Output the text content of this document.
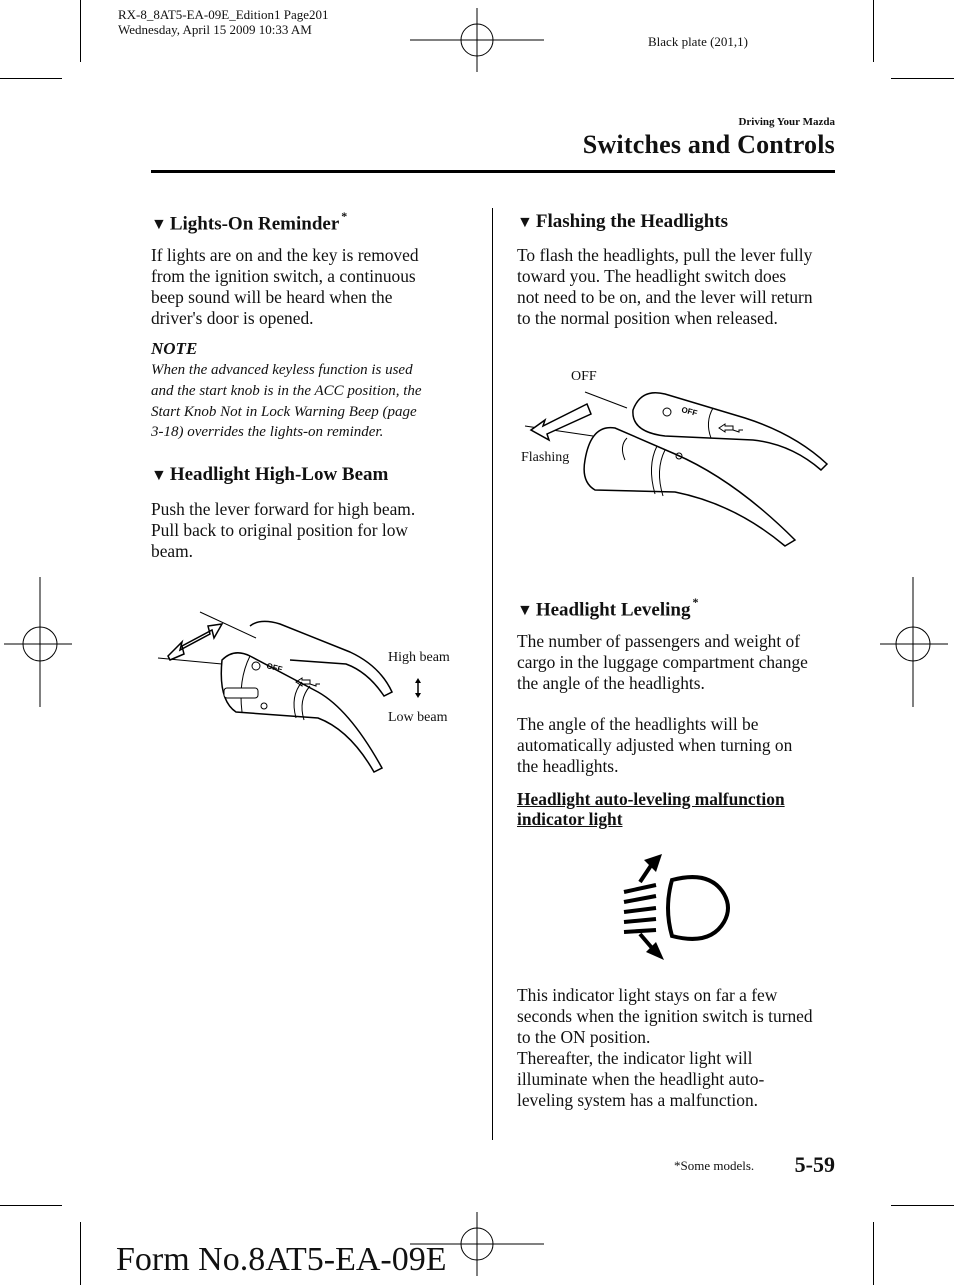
RX-8_8AT5-EA-09E_Edition1 Page201
Wednesday, April 15 2009 10:33 AM
Black plate (201,1)
Driving Your Mazda
Switches and Controls
▼ Lights-On Reminder *
If lights are on and the key is removed
from the ignition switch, a continuous
beep sound will be heard when the
driver's door is opened.
NOTE
When the advanced keyless function is used
and the start knob is in the ACC position, the
Start Knob Not in Lock Warning Beep (page
3-18) overrides the lights-on reminder.
▼ Headlight High-Low Beam
Push the lever forward for high beam.
Pull back to original position for low
beam.
OFF
High beam
Low beam
▼ Flashing the Headlights
To flash the headlights, pull the lever fully
toward you. The headlight switch does
not need to be on, and the lever will return
to the normal position when released.
OFF
OFF
Flashing
▼ Headlight Leveling *
The number of passengers and weight of
cargo in the luggage compartment change
the angle of the headlights.
The angle of the headlights will be
automatically adjusted when turning on
the headlights.
Headlight auto-leveling malfunction
indicator light
This indicator light stays on far a few
seconds when the ignition switch is turned
to the ON position.
Thereafter, the indicator light will
illuminate when the headlight auto-
leveling system has a malfunction.
*Some models. 5-59
Form No.8AT5-EA-09E
